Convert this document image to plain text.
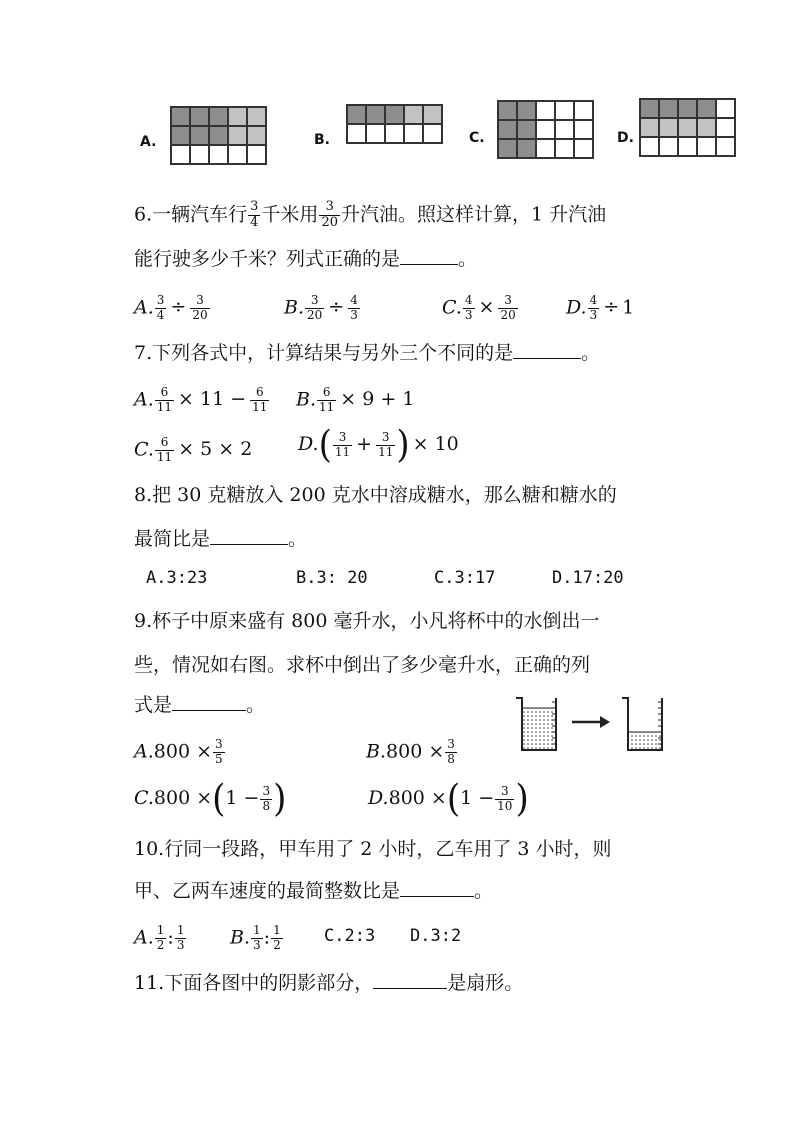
A.	B.	C.	D.
6.一辆汽车行 $\frac{3}{4}$ 千米用 $\frac{3}{20}$ 升汽油。照这样计算，1 升汽油
能行驶多少千米？列式正确的是	。
A. $\frac{3}{4} \div \frac{3}{20}$	B. $\frac{3}{20} \div \frac{4}{3}$	C. $\frac{4}{3} \times \frac{3}{20}$	D. $\frac{4}{3} \div 1$
7.下列各式中，计算结果与另外三个不同的是	。
A. $\frac{6}{11} \times 11 - \frac{6}{11} B$. $\frac{6}{11} \times 9 + 1$
C. $\frac{6}{11} \times 5 \times 2$ $D.( \frac{3}{11} + \frac{3}{11}$ ) × 10
8.把 30 克糖放入 200 克水中溶成糖水，那么糖和糖水的
最简比是	。
A.3:23	B.3: 20	C.3:17	D.17:20
9.杯子中原来盛有 800 毫升水，小凡将杯中的水倒出一
些，情况如右图。求杯中倒出了多少毫升水，正确的列
式是	。
$A.800 \times \frac{3}{5}$	$B.800 \times \frac{3}{8}$
$C.800 \times(1 - \frac{3}{8}$ )	$D.800 \times(1 - \frac{3}{10}$ )
10.行同一段路，甲车用了 2 小时，乙车用了 3 小时，则
甲、乙两车速度的最简整数比是	。
A. $\frac{1}{2}$ : $\frac{1}{3} B$. $\frac{1}{3}$ : $\frac{1}{2}$ C.2:3 D.3:2
11.下面各图中的阴影部分，	是扇形。
